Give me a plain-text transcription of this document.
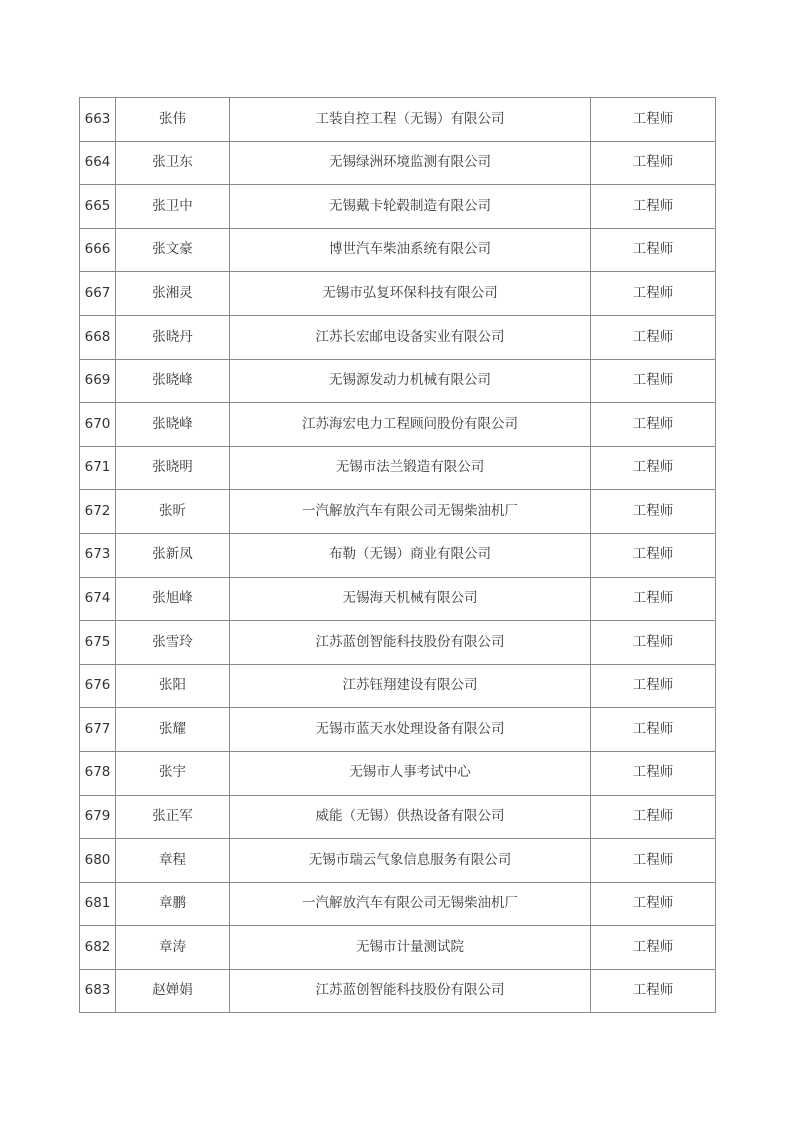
663	张伟	工装自控工程（无锡）有限公司	工程师
664	张卫东	无锡绿洲环境监测有限公司	工程师
665	张卫中	无锡戴卡轮毂制造有限公司	工程师
666	张文豪	博世汽车柴油系统有限公司	工程师
667	张湘灵	无锡市弘复环保科技有限公司	工程师
668	张晓丹	江苏长宏邮电设备实业有限公司	工程师
669	张晓峰	无锡源发动力机械有限公司	工程师
670	张晓峰	江苏海宏电力工程顾问股份有限公司	工程师
671	张晓明	无锡市法兰锻造有限公司	工程师
672	张昕	一汽解放汽车有限公司无锡柴油机厂	工程师
673	张新凤	布勒（无锡）商业有限公司	工程师
674	张旭峰	无锡海天机械有限公司	工程师
675	张雪玲	江苏蓝创智能科技股份有限公司	工程师
676	张阳	江苏钰翔建设有限公司	工程师
677	张耀	无锡市蓝天水处理设备有限公司	工程师
678	张宇	无锡市人事考试中心	工程师
679	张正军	威能（无锡）供热设备有限公司	工程师
680	章程	无锡市瑞云气象信息服务有限公司	工程师
681	章鹏	一汽解放汽车有限公司无锡柴油机厂	工程师
682	章涛	无锡市计量测试院	工程师
683	赵婵娟	江苏蓝创智能科技股份有限公司	工程师
